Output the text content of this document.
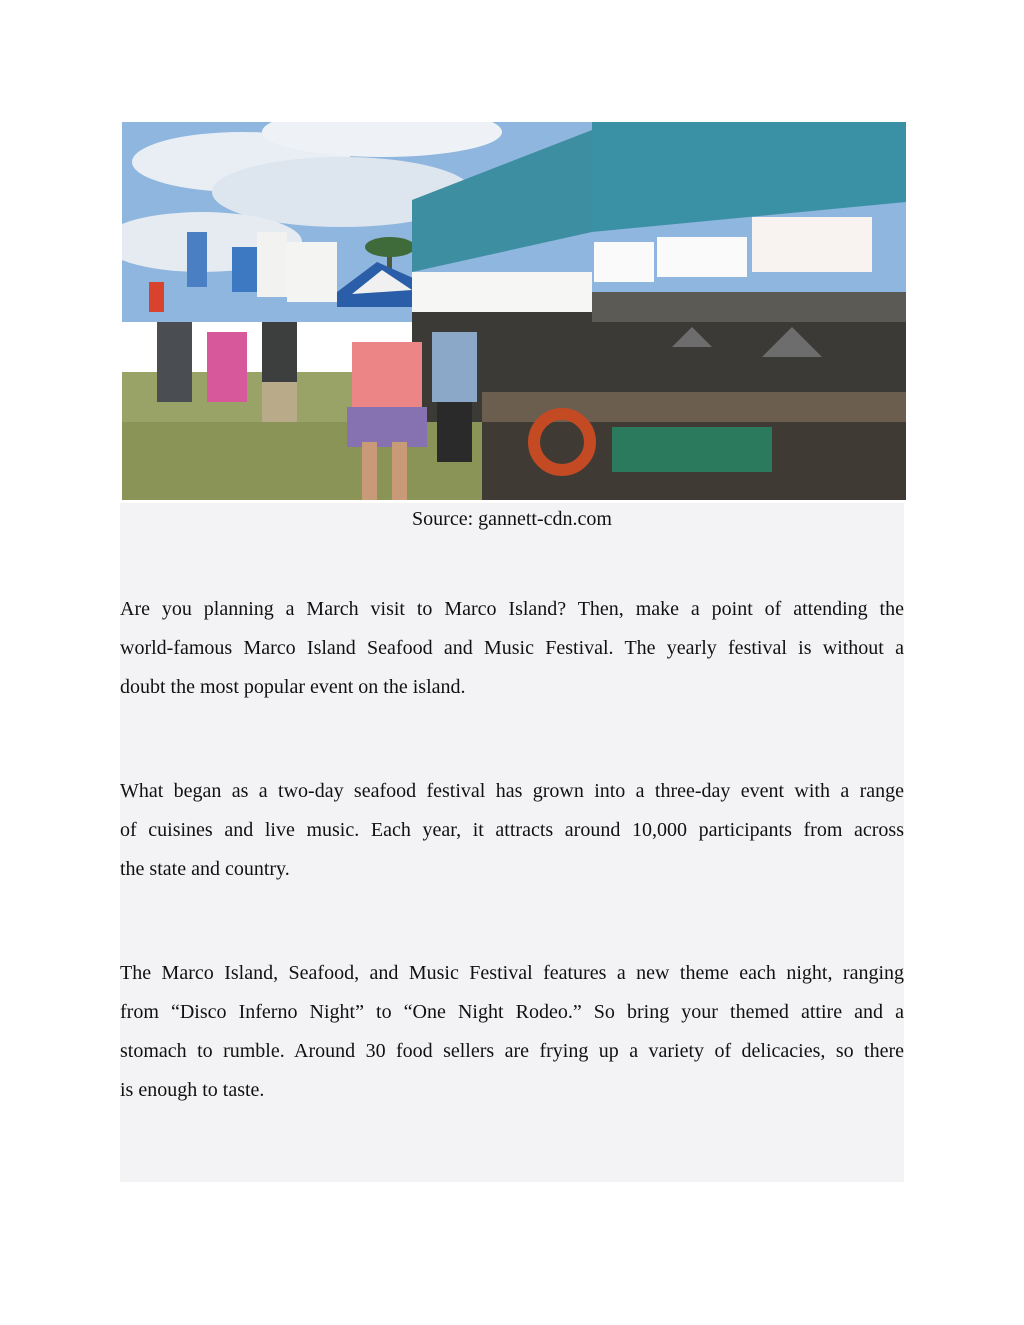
Source: gannett-cdn.com
Are you planning a March visit to Marco Island? Then, make a point of attending the
world-famous Marco Island Seafood and Music Festival. The yearly festival is without a
doubt the most popular event on the island.
What began as a two-day seafood festival has grown into a three-day event with a range
of cuisines and live music. Each year, it attracts around 10,000 participants from across
the state and country.
The Marco Island, Seafood, and Music Festival features a new theme each night, ranging
from “Disco Inferno Night” to “One Night Rodeo.” So bring your themed attire and a
stomach to rumble. Around 30 food sellers are frying up a variety of delicacies, so there
is enough to taste.
